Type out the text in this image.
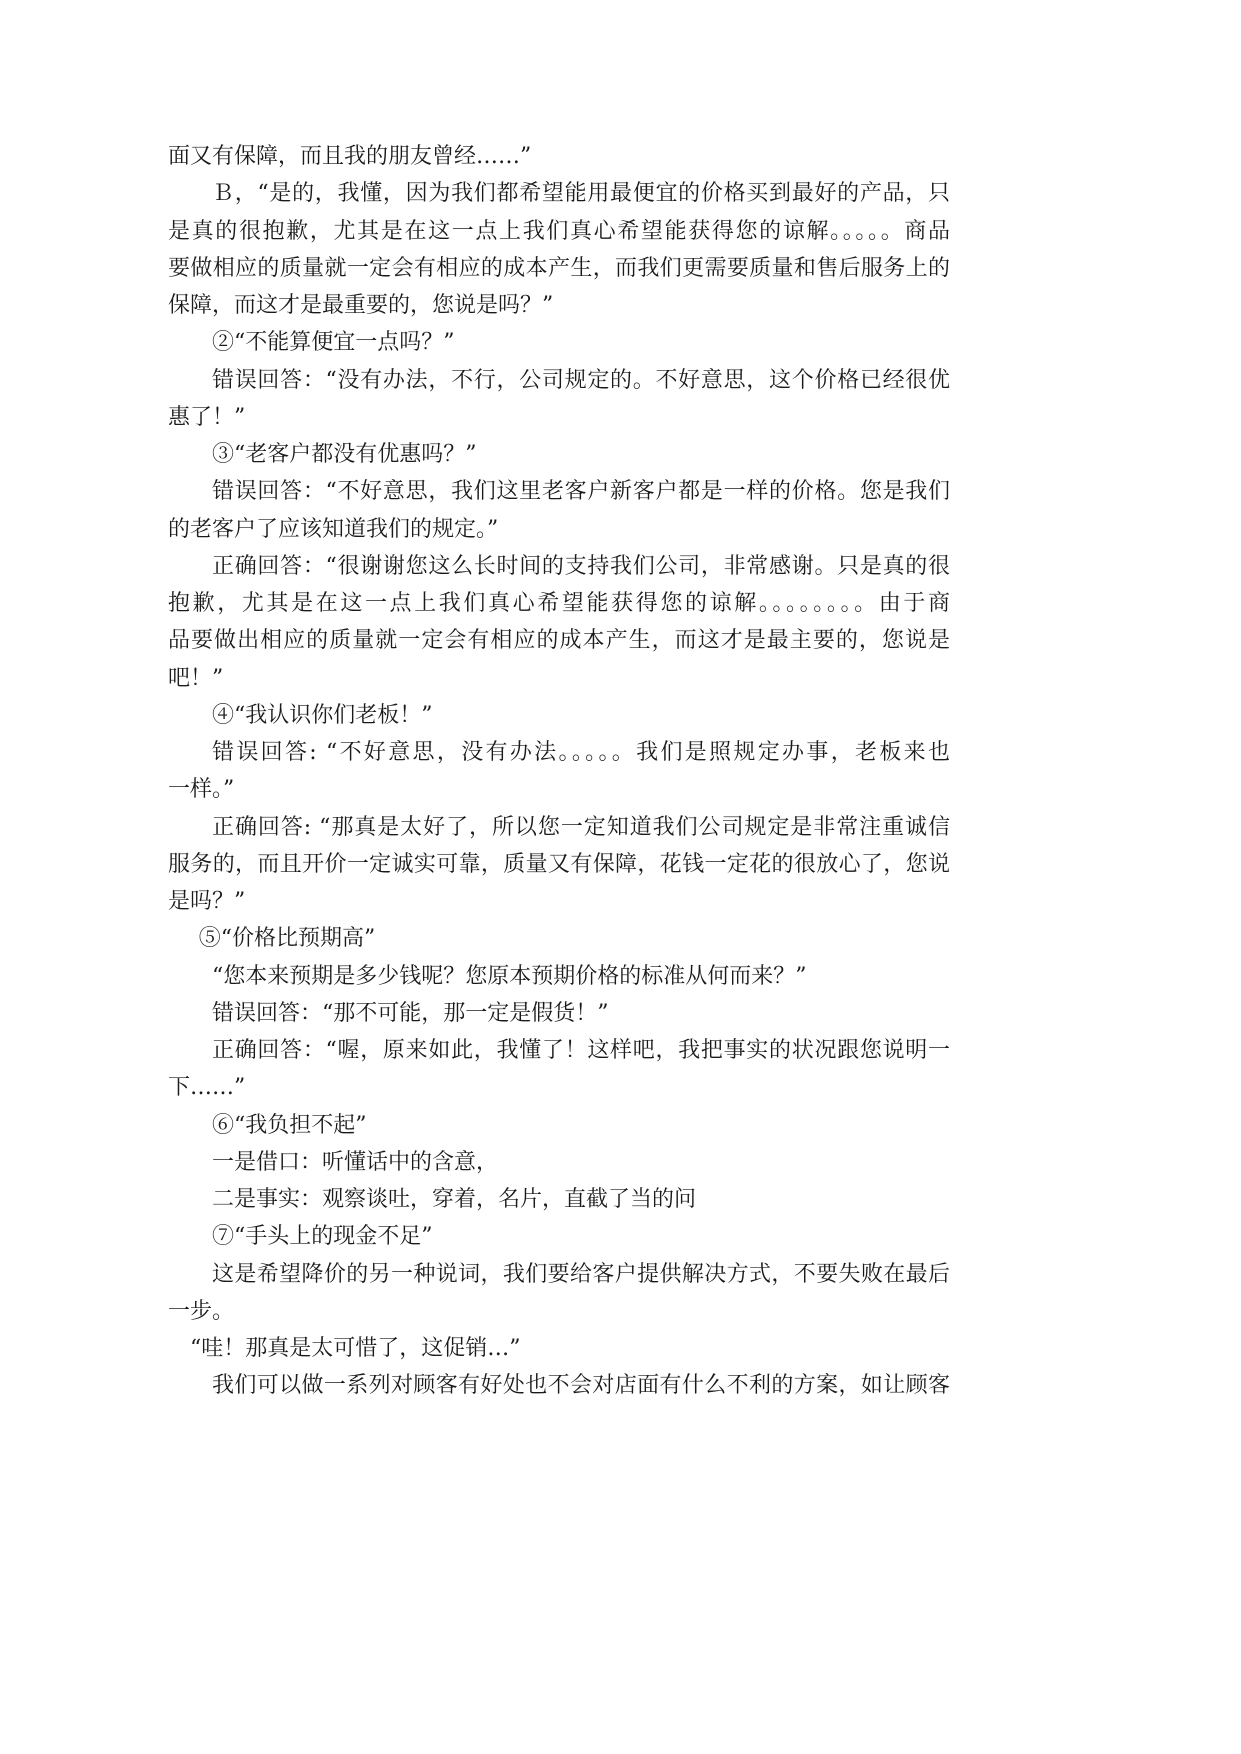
面又有保障，而且我的朋友曾经……”
Ｂ，“是的，我懂，因为我们都希望能用最便宜的价格买到最好的产品，只
是真的很抱歉，尤其是在这一点上我们真心希望能获得您的谅解。。。。。商品
要做相应的质量就一定会有相应的成本产生，而我们更需要质量和售后服务上的
保障，而这才是最重要的，您说是吗？”
②“不能算便宜一点吗？”
错误回答：“没有办法，不行，公司规定的。不好意思，这个价格已经很优
惠了！”
③“老客户都没有优惠吗？”
错误回答：“不好意思，我们这里老客户新客户都是一样的价格。您是我们
的老客户了应该知道我们的规定。”
正确回答：“很谢谢您这么长时间的支持我们公司，非常感谢。只是真的很
抱歉，尤其是在这一点上我们真心希望能获得您的谅解。。。。。。。。由于商
品要做出相应的质量就一定会有相应的成本产生，而这才是最主要的，您说是
吧！”
④“我认识你们老板！”
错误回答: “不好意思，没有办法。。。。。我们是照规定办事，老板来也
一样。”
正确回答: “那真是太好了，所以您一定知道我们公司规定是非常注重诚信
服务的，而且开价一定诚实可靠，质量又有保障，花钱一定花的很放心了，您说
是吗？”
⑤“价格比预期高”
“您本来预期是多少钱呢？您原本预期价格的标准从何而来？”
错误回答：“那不可能，那一定是假货！”
正确回答：“喔，原来如此，我懂了！这样吧，我把事实的状况跟您说明一
下……”
⑥“我负担不起”
一是借口：听懂话中的含意，
二是事实：观察谈吐，穿着，名片，直截了当的问
⑦“手头上的现金不足”
这是希望降价的另一种说词，我们要给客户提供解决方式，不要失败在最后
一步。
“哇！那真是太可惜了，这促销…”
我们可以做一系列对顾客有好处也不会对店面有什么不利的方案，如让顾客
